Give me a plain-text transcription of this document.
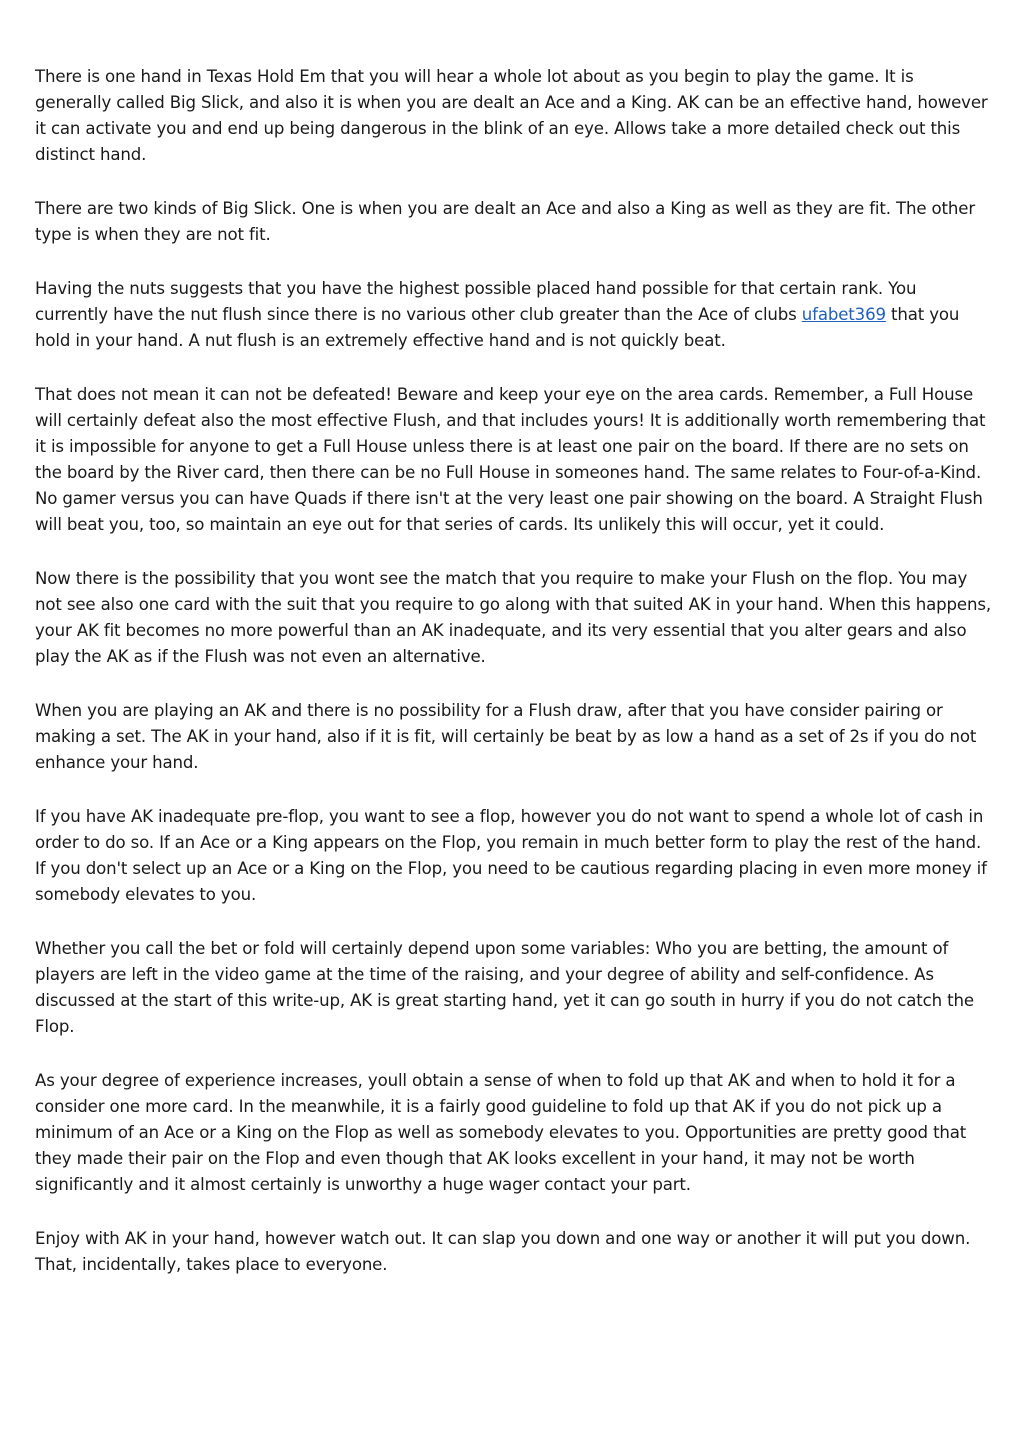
There is one hand in Texas Hold Em that you will hear a whole lot about as you begin to play the game. It is generally called Big Slick, and also it is when you are dealt an Ace and a King. AK can be an effective hand, however it can activate you and end up being dangerous in the blink of an eye. Allows take a more detailed check out this distinct hand.

There are two kinds of Big Slick. One is when you are dealt an Ace and also a King as well as they are fit. The other type is when they are not fit.

Having the nuts suggests that you have the highest possible placed hand possible for that certain rank. You currently have the nut flush since there is no various other club greater than the Ace of clubs ufabet369 that you hold in your hand. A nut flush is an extremely effective hand and is not quickly beat.

That does not mean it can not be defeated! Beware and keep your eye on the area cards. Remember, a Full House will certainly defeat also the most effective Flush, and that includes yours! It is additionally worth remembering that it is impossible for anyone to get a Full House unless there is at least one pair on the board. If there are no sets on the board by the River card, then there can be no Full House in someones hand. The same relates to Four-of-a-Kind. No gamer versus you can have Quads if there isn't at the very least one pair showing on the board. A Straight Flush will beat you, too, so maintain an eye out for that series of cards. Its unlikely this will occur, yet it could.

Now there is the possibility that you wont see the match that you require to make your Flush on the flop. You may not see also one card with the suit that you require to go along with that suited AK in your hand. When this happens, your AK fit becomes no more powerful than an AK inadequate, and its very essential that you alter gears and also play the AK as if the Flush was not even an alternative.

When you are playing an AK and there is no possibility for a Flush draw, after that you have consider pairing or making a set. The AK in your hand, also if it is fit, will certainly be beat by as low a hand as a set of 2s if you do not enhance your hand.

If you have AK inadequate pre-flop, you want to see a flop, however you do not want to spend a whole lot of cash in order to do so. If an Ace or a King appears on the Flop, you remain in much better form to play the rest of the hand. If you don't select up an Ace or a King on the Flop, you need to be cautious regarding placing in even more money if somebody elevates to you.

Whether you call the bet or fold will certainly depend upon some variables: Who you are betting, the amount of players are left in the video game at the time of the raising, and your degree of ability and self-confidence. As discussed at the start of this write-up, AK is great starting hand, yet it can go south in hurry if you do not catch the Flop.

As your degree of experience increases, youll obtain a sense of when to fold up that AK and when to hold it for a consider one more card. In the meanwhile, it is a fairly good guideline to fold up that AK if you do not pick up a minimum of an Ace or a King on the Flop as well as somebody elevates to you. Opportunities are pretty good that they made their pair on the Flop and even though that AK looks excellent in your hand, it may not be worth significantly and it almost certainly is unworthy a huge wager contact your part.

Enjoy with AK in your hand, however watch out. It can slap you down and one way or another it will put you down. That, incidentally, takes place to everyone.
